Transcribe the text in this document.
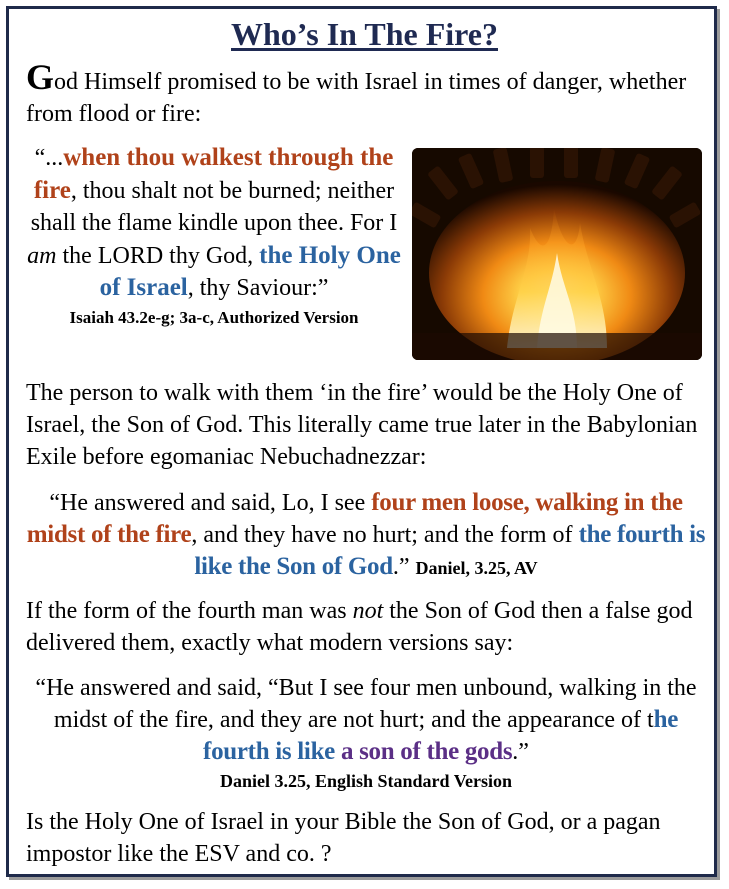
Who’s In The Fire?
God Himself promised to be with Israel in times of danger, whether from flood or fire:
“...when thou walkest through the fire, thou shalt not be burned; neither shall the flame kindle upon thee. For I am the LORD thy God, the Holy One of Israel, thy Saviour:”
Isaiah 43.2e-g; 3a-c, Authorized Version
The person to walk with them ‘in the fire’ would be the Holy One of Israel, the Son of God. This literally came true later in the Babylonian Exile before egomaniac Nebuchadnezzar:
“He answered and said, Lo, I see four men loose, walking in the midst of the fire, and they have no hurt; and the form of the fourth is like the Son of God.” Daniel, 3.25, AV
If the form of the fourth man was not the Son of God then a false god delivered them, exactly what modern versions say:
“He answered and said, “But I see four men unbound, walking in the midst of the fire, and they are not hurt; and the appearance of the fourth is like a son of the gods.”
Daniel 3.25, English Standard Version
Is the Holy One of Israel in your Bible the Son of God, or a pagan impostor like the ESV and co. ?
